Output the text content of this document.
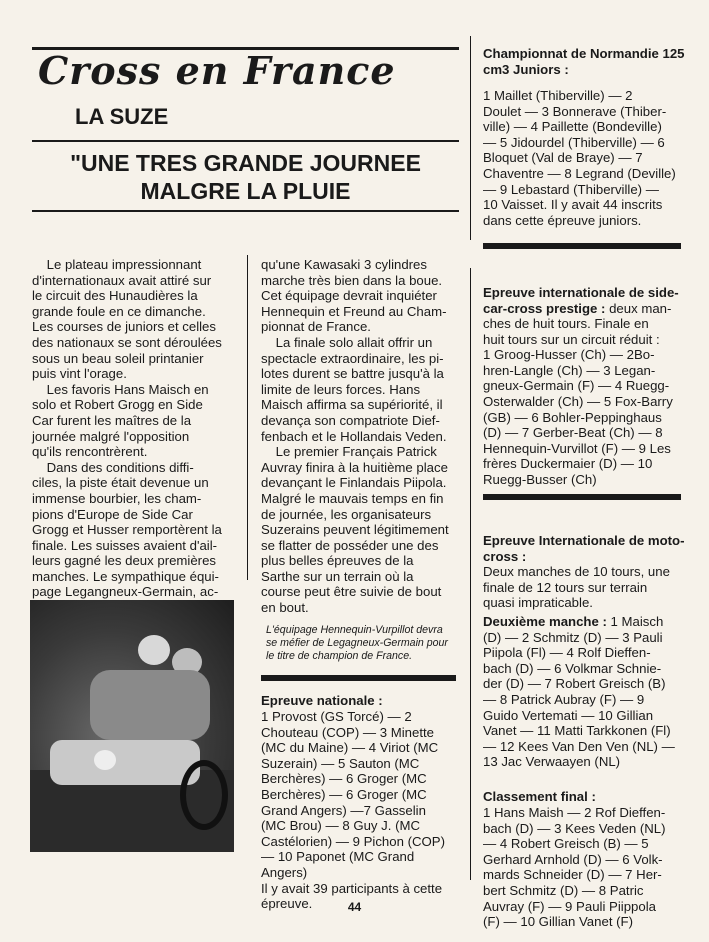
Cross en France
LA SUZE
"UNE TRES GRANDE JOURNEE
MALGRE LA PLUIE
Le plateau impressionnant
d'internationaux avait attiré sur
le circuit des Hunaudières la
grande foule en ce dimanche.
Les courses de juniors et celles
des nationaux se sont déroulées
sous un beau soleil printanier
puis vint l'orage.
Les favoris Hans Maisch en
solo et Robert Grogg en Side
Car furent les maîtres de la
journée malgré l'opposition
qu'ils rencontrèrent.
Dans des conditions diffi-
ciles, la piste était devenue un
immense bourbier, les cham-
pions d'Europe de Side Car
Grogg et Husser remportèrent la
finale. Les suisses avaient d'ail-
leurs gagné les deux premières
manches. Le sympathique équi-
page Legangneux-Germain, ac-

qu'une Kawasaki 3 cylindres
marche très bien dans la boue.
Cet équipage devrait inquiéter
Hennequin et Freund au Cham-
pionnat de France.
La finale solo allait offrir un
spectacle extraordinaire, les pi-
lotes durent se battre jusqu'à la
limite de leurs forces. Hans
Maisch affirma sa supériorité, il
devança son compatriote Dief-
fenbach et le Hollandais Veden.
Le premier Français Patrick
Auvray finira à la huitième place
devançant le Finlandais Piipola.
Malgré le mauvais temps en fin
de journée, les organisateurs
Suzerains peuvent légitimement
se flatter de posséder une des
plus belles épreuves de la
Sarthe sur un terrain où la
course peut être suivie de bout
en bout.
L'équipage Hennequin-Vurpillot devra
se méfier de Legagneux-Germain pour
le titre de champion de France.
Epreuve nationale :
1 Provost (GS Torcé) — 2
Chouteau (COP) — 3 Minette
(MC du Maine) — 4 Viriot (MC
Suzerain) — 5 Sauton (MC
Berchères) — 6 Groger (MC
Berchères) — 6 Groger (MC
Grand Angers) —7 Gasselin
(MC Brou) — 8 Guy J. (MC
Castélorien) — 9 Pichon (COP)
— 10 Paponet (MC Grand
Angers)
Il y avait 39 participants à cette
épreuve.
Championnat de Normandie 125
cm3 Juniors :
1 Maillet (Thiberville) — 2
Doulet — 3 Bonnerave (Thiber-
ville) — 4 Paillette (Bondeville)
— 5 Jidourdel (Thiberville) — 6
Bloquet (Val de Braye) — 7
Chaventre — 8 Legrand (Deville)
— 9 Lebastard (Thiberville) —
10 Vaisset. Il y avait 44 inscrits
dans cette épreuve juniors.
Epreuve internationale de side-
car-cross prestige : deux man-
ches de huit tours. Finale en
huit tours sur un circuit réduit :
1 Groog-Husser (Ch) — 2Bo-
hren-Langle (Ch) — 3 Legan-
gneux-Germain (F) — 4 Ruegg-
Osterwalder (Ch) — 5 Fox-Barry
(GB) — 6 Bohler-Peppinghaus
(D) — 7 Gerber-Beat (Ch) — 8
Hennequin-Vurvillot (F) — 9 Les
frères Duckermaier (D) — 10
Ruegg-Busser (Ch)
Epreuve Internationale de moto-
cross :
Deux manches de 10 tours, une
finale de 12 tours sur terrain
quasi impraticable.
Deuxième manche : 1 Maisch
(D) — 2 Schmitz (D) — 3 Pauli
Piipola (Fl) — 4 Rolf Dieffen-
bach (D) — 6 Volkmar Schnie-
der (D) — 7 Robert Greisch (B)
— 8 Patrick Aubray (F) — 9
Guido Vertemati — 10 Gillian
Vanet — 11 Matti Tarkkonen (Fl)
— 12 Kees Van Den Ven (NL) —
13 Jac Verwaayen (NL)
Classement final :
1 Hans Maish — 2 Rof Dieffen-
bach (D) — 3 Kees Veden (NL)
— 4 Robert Greisch (B) — 5
Gerhard Arnhold (D) — 6 Volk-
mards Schneider (D) — 7 Her-
bert Schmitz (D) — 8 Patric
Auvray (F) — 9 Pauli Piippola
(F) — 10 Gillian Vanet (F)
44
